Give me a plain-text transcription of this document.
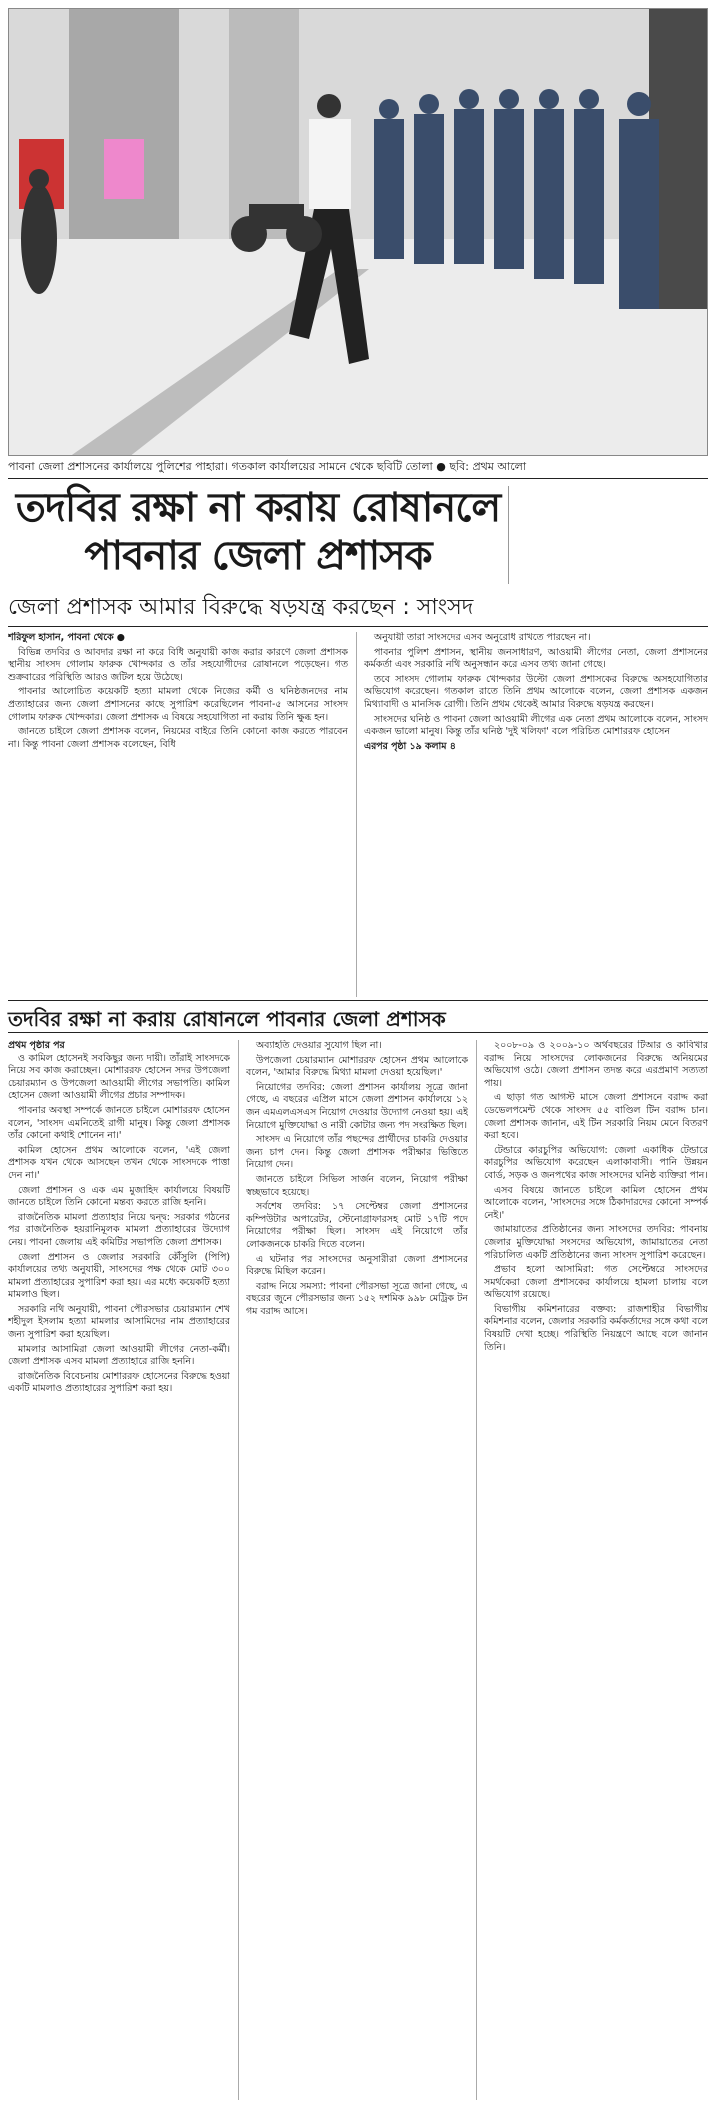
পাবনা জেলা প্রশাসনের কার্যালয়ে পুলিশের পাহারা। গতকাল কার্যালয়ের সামনে থেকে ছবিটি তোলা ● ছবি: প্রথম আলো
তদবির রক্ষা না করায় রোষানলে
পাবনার জেলা প্রশাসক
জেলা প্রশাসক আমার বিরুদ্ধে ষড়যন্ত্র করছেন : সাংসদ
শরিফুল হাসান, পাবনা থেকে ●

বিভিন্ন তদবির ও আবদার রক্ষা না করে বিধি অনুযায়ী কাজ করার কারণে জেলা প্রশাসক স্থানীয় সাংসদ গোলাম ফারুক খোন্দকার ও তাঁর সহযোগীদের রোষানলে পড়েছেন। গত শুক্রবারের পরিস্থিতি আরও জটিল হয়ে উঠেছে।

পাবনার আলোচিত কয়েকটি হত্যা মামলা থেকে নিজের কর্মী ও ঘনিষ্ঠজনদের নাম প্রত্যাহারের জন্য জেলা প্রশাসনের কাছে সুপারিশ করেছিলেন পাবনা-৫ আসনের সাংসদ গোলাম ফারুক খোন্দকার। জেলা প্রশাসক এ বিষয়ে সহযোগিতা না করায় তিনি ক্ষুব্ধ হন।

জানতে চাইলে জেলা প্রশাসক বলেন, নিয়মের বাইরে তিনি কোনো কাজ করতে পারবেন না। কিন্তু পাবনা জেলা প্রশাসক বলেছেন, বিধি

অনুযায়ী তারা সাংসদের এসব অনুরোধ রাখতে পারছেন না।

পাবনার পুলিশ প্রশাসন, স্থানীয় জনসাধারণ, আওয়ামী লীগের নেতা, জেলা প্রশাসনের কর্মকর্তা এবং সরকারি নথি অনুসন্ধান করে এসব তথ্য জানা গেছে।

তবে সাংসদ গোলাম ফারুক খোন্দকার উল্টো জেলা প্রশাসকের বিরুদ্ধে অসহযোগিতার অভিযোগ করেছেন। গতকাল রাতে তিনি প্রথম আলোকে বলেন, জেলা প্রশাসক একজন মিথ্যাবাদী ও মানসিক রোগী। তিনি প্রথম থেকেই আমার বিরুদ্ধে ষড়যন্ত্র করছেন।

সাংসদের ঘনিষ্ঠ ও পাবনা জেলা আওয়ামী লীগের এক নেতা প্রথম আলোকে বলেন, সাংসদ একজন ভালো মানুষ। কিন্তু তাঁর ঘনিষ্ঠ 'দুই খলিফা' বলে পরিচিত মোশাররফ হোসেন

এরপর পৃষ্ঠা ১৯ কলাম ৪
তদবির রক্ষা না করায় রোষানলে পাবনার জেলা প্রশাসক
প্রথম পৃষ্ঠার পর

ও কামিল হোসেনই সবকিছুর জন্য দায়ী। তাঁরাই সাংসদকে নিয়ে সব কাজ করাচ্ছেন। মোশাররফ হোসেন সদর উপজেলা চেয়ারম্যান ও উপজেলা আওয়ামী লীগের সভাপতি। কামিল হোসেন জেলা আওয়ামী লীগের প্রচার সম্পাদক।

পাবনার অবস্থা সম্পর্কে জানতে চাইলে মোশাররফ হোসেন বলেন, 'সাংসদ এমনিতেই রাগী মানুষ। কিন্তু জেলা প্রশাসক তাঁর কোনো কথাই শোনেন না।'

কামিল হোসেন প্রথম আলোকে বলেন, 'এই জেলা প্রশাসক যখন থেকে আসছেন তখন থেকে সাংসদকে পাত্তা দেন না।'

জেলা প্রশাসন ও এক এম মুজাহিদ কার্যালয়ে বিষয়টি জানতে চাইলে তিনি কোনো মন্তব্য করতে রাজি হননি।

রাজনৈতিক মামলা প্রত্যাহার নিয়ে দ্বন্দ্ব: সরকার গঠনের পর রাজনৈতিক হয়রানিমূলক মামলা প্রত্যাহারের উদ্যোগ নেয়। পাবনা জেলায় এই কমিটির সভাপতি জেলা প্রশাসক।

জেলা প্রশাসন ও জেলার সরকারি কৌঁসুলি (পিপি) কার্যালয়ের তথ্য অনুযায়ী, সাংসদের পক্ষ থেকে মোট ৩০০ মামলা প্রত্যাহারের সুপারিশ করা হয়। এর মধ্যে কয়েকটি হত্যা মামলাও ছিল।

সরকারি নথি অনুযায়ী, পাবনা পৌরসভার চেয়ারম্যান শেখ শহীদুল ইসলাম হত্যা মামলার আসামিদের নাম প্রত্যাহারের জন্য সুপারিশ করা হয়েছিল।

মামলার আসামিরা জেলা আওয়ামী লীগের নেতা-কর্মী। জেলা প্রশাসক এসব মামলা প্রত্যাহারে রাজি হননি।

রাজনৈতিক বিবেচনায় মোশাররফ হোসেনের বিরুদ্ধে হওয়া একটি মামলাও প্রত্যাহারের সুপারিশ করা হয়।

অব্যাহতি দেওয়ার সুযোগ ছিল না।

উপজেলা চেয়ারম্যান মোশাররফ হোসেন প্রথম আলোকে বলেন, 'আমার বিরুদ্ধে মিথ্যা মামলা দেওয়া হয়েছিল।'

নিয়োগের তদবির: জেলা প্রশাসন কার্যালয় সূত্রে জানা গেছে, এ বছরের এপ্রিল মাসে জেলা প্রশাসন কার্যালয়ে ১২ জন এমএলএসএস নিয়োগ দেওয়ার উদ্যোগ নেওয়া হয়। এই নিয়োগে মুক্তিযোদ্ধা ও নারী কোটার জন্য পদ সংরক্ষিত ছিল।

সাংসদ এ নিয়োগে তাঁর পছন্দের প্রার্থীদের চাকরি দেওয়ার জন্য চাপ দেন। কিন্তু জেলা প্রশাসক পরীক্ষার ভিত্তিতে নিয়োগ দেন।

জানতে চাইলে সিভিল সার্জন বলেন, নিয়োগ পরীক্ষা স্বচ্ছভাবে হয়েছে।

সর্বশেষ তদবির: ১৭ সেপ্টেম্বর জেলা প্রশাসনের কম্পিউটার অপারেটর, স্টেনোগ্রাফারসহ মোট ১৭টি পদে নিয়োগের পরীক্ষা ছিল। সাংসদ এই নিয়োগে তাঁর লোকজনকে চাকরি দিতে বলেন।

এ ঘটনার পর সাংসদের অনুসারীরা জেলা প্রশাসনের বিরুদ্ধে মিছিল করেন।

বরাদ্দ নিয়ে সমস্যা: পাবনা পৌরসভা সূত্রে জানা গেছে, এ বছরের জুনে পৌরসভার জন্য ১৫২ দশমিক ৯৯৮ মেট্রিক টন গম বরাদ্দ আসে।

২০০৮-০৯ ও ২০০৯-১০ অর্থবছরের টিআর ও কাবিখার বরাদ্দ নিয়ে সাংসদের লোকজনের বিরুদ্ধে অনিয়মের অভিযোগ ওঠে। জেলা প্রশাসন তদন্ত করে এরপ্রমাণ সত্যতা পায়।

এ ছাড়া গত আগস্ট মাসে জেলা প্রশাসনে বরাদ্দ করা ডেভেলপমেন্ট থেকে সাংসদ ৫৫ বাণ্ডিল টিন বরাদ্দ চান। জেলা প্রশাসক জানান, এই টিন সরকারি নিয়ম মেনে বিতরণ করা হবে।

টেন্ডারে কারচুপির অভিযোগ: জেলা একাধিক টেন্ডারে কারচুপির অভিযোগ করেছেন এলাকাবাসী। পানি উন্নয়ন বোর্ড, সড়ক ও জনপথের কাজ সাংসদের ঘনিষ্ঠ ব্যক্তিরা পান।

এসব বিষয়ে জানতে চাইলে কামিল হোসেন প্রথম আলোকে বলেন, 'সাংসদের সঙ্গে ঠিকাদারদের কোনো সম্পর্ক নেই।'

জামায়াতের প্রতিষ্ঠানের জন্য সাংসদের তদবির: পাবনায় জেলার মুক্তিযোদ্ধা সংসদের অভিযোগ, জামায়াতের নেতা পরিচালিত একটি প্রতিষ্ঠানের জন্য সাংসদ সুপারিশ করেছেন।

প্রভাব হলো আসামিরা: গত সেপ্টেম্বরে সাংসদের সমর্থকেরা জেলা প্রশাসকের কার্যালয়ে হামলা চালায় বলে অভিযোগ রয়েছে।

বিভাগীয় কমিশনারের বক্তব্য: রাজশাহীর বিভাগীয় কমিশনার বলেন, জেলার সরকারি কর্মকর্তাদের সঙ্গে কথা বলে বিষয়টি দেখা হচ্ছে। পরিস্থিতি নিয়ন্ত্রণে আছে বলে জানান তিনি।
